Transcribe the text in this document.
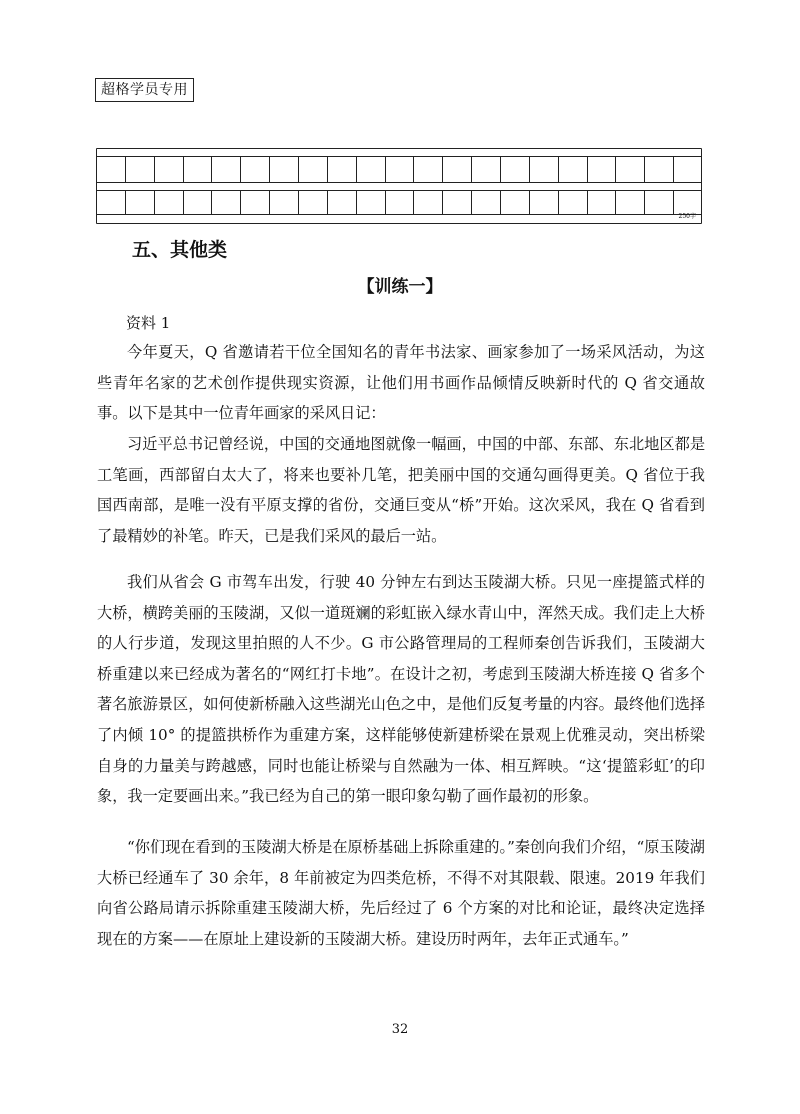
超格学员专用
250字
五、其他类
【训练一】
资料 1

今年夏天，Q 省邀请若干位全国知名的青年书法家、画家参加了一场采风活动，为这些青年名家的艺术创作提供现实资源，让他们用书画作品倾情反映新时代的 Q 省交通故事。以下是其中一位青年画家的采风日记：

习近平总书记曾经说，中国的交通地图就像一幅画，中国的中部、东部、东北地区都是工笔画，西部留白太大了，将来也要补几笔，把美丽中国的交通勾画得更美。Q 省位于我国西南部，是唯一没有平原支撑的省份，交通巨变从“桥”开始。这次采风，我在 Q 省看到了最精妙的补笔。昨天，已是我们采风的最后一站。

我们从省会 G 市驾车出发，行驶 40 分钟左右到达玉陵湖大桥。只见一座提篮式样的大桥，横跨美丽的玉陵湖，又似一道斑斓的彩虹嵌入绿水青山中，浑然天成。我们走上大桥的人行步道，发现这里拍照的人不少。G 市公路管理局的工程师秦创告诉我们，玉陵湖大桥重建以来已经成为著名的“网红打卡地”。在设计之初，考虑到玉陵湖大桥连接 Q 省多个著名旅游景区，如何使新桥融入这些湖光山色之中，是他们反复考量的内容。最终他们选择了内倾 10° 的提篮拱桥作为重建方案，这样能够使新建桥梁在景观上优雅灵动，突出桥梁自身的力量美与跨越感，同时也能让桥梁与自然融为一体、相互辉映。“这‘提篮彩虹’的印象，我一定要画出来。”我已经为自己的第一眼印象勾勒了画作最初的形象。

“你们现在看到的玉陵湖大桥是在原桥基础上拆除重建的。”秦创向我们介绍，“原玉陵湖大桥已经通车了 30 余年，8 年前被定为四类危桥，不得不对其限载、限速。2019 年我们向省公路局请示拆除重建玉陵湖大桥，先后经过了 6 个方案的对比和论证，最终决定选择现在的方案——在原址上建设新的玉陵湖大桥。建设历时两年，去年正式通车。”

32
